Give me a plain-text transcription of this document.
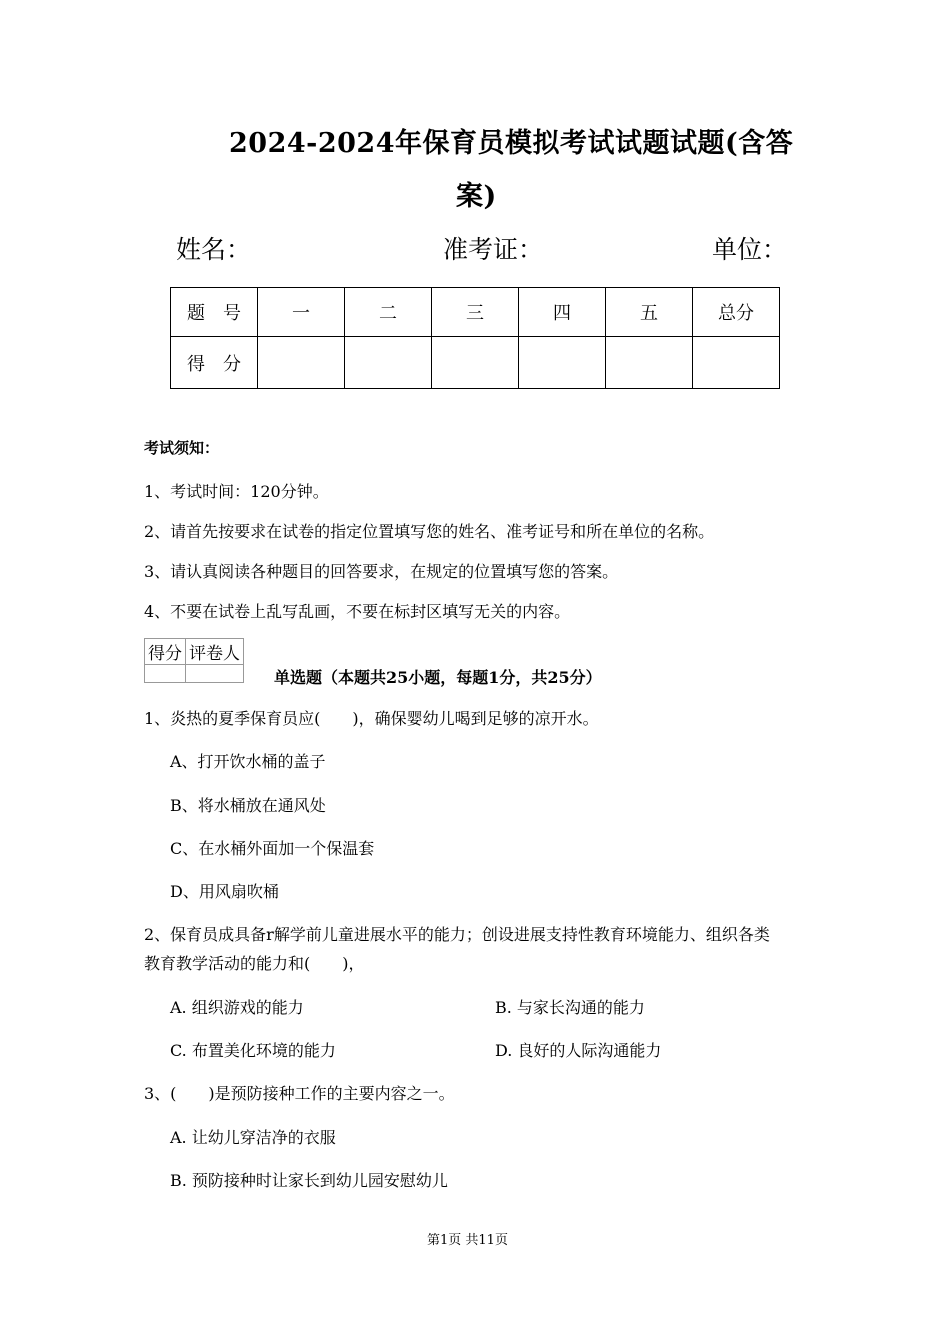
2024-2024年保育员模拟考试试题试题(含答
案)
姓名：	准考证：	单位：
题　号	一	二	三	四	五	总分
得　分						
考试须知：
1、考试时间：120分钟。
2、请首先按要求在试卷的指定位置填写您的姓名、准考证号和所在单位的名称。
3、请认真阅读各种题目的回答要求，在规定的位置填写您的答案。
4、不要在试卷上乱写乱画，不要在标封区填写无关的内容。
得分	评卷人

单选题（本题共25小题，每题1分，共25分）
1、炎热的夏季保育员应(　　)，确保婴幼儿喝到足够的凉开水。
A、打开饮水桶的盖子
B、将水桶放在通风处
C、在水桶外面加一个保温套
D、用风扇吹桶
2、保育员成具备r解学前儿童进展水平的能力；创设进展支持性教育环境能力、组织各类
教育教学活动的能力和(　　)，
A. 组织游戏的能力	B. 与家长沟通的能力
C. 布置美化环境的能力	D. 良好的人际沟通能力
3、(　　)是预防接种工作的主要内容之一。
A. 让幼儿穿洁净的衣服
B. 预防接种时让家长到幼儿园安慰幼儿
第1页 共11页
